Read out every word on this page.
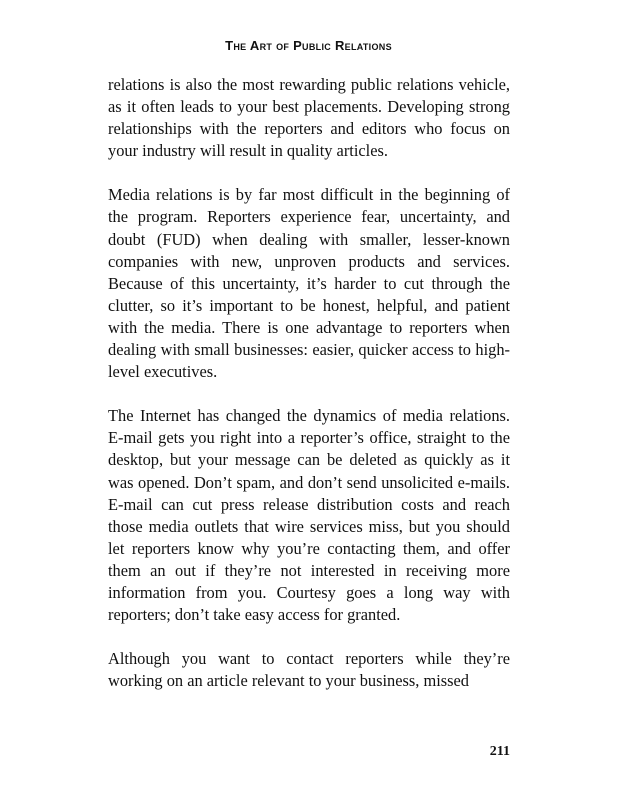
The Art of Public Relations

relations is also the most rewarding public relations vehicle, as it often leads to your best placements. Developing strong relationships with the reporters and editors who focus on your industry will result in quality articles.

Media relations is by far most difficult in the beginning of the program. Reporters experience fear, uncertainty, and doubt (FUD) when dealing with smaller, lesser-known companies with new, unproven products and services. Because of this uncertainty, it’s harder to cut through the clutter, so it’s important to be honest, helpful, and patient with the media. There is one advantage to reporters when dealing with small businesses: easier, quicker access to high-level executives.

The Internet has changed the dynamics of media relations. E-mail gets you right into a reporter’s office, straight to the desktop, but your message can be deleted as quickly as it was opened. Don’t spam, and don’t send unsolicited e-mails. E-mail can cut press release distribution costs and reach those media outlets that wire services miss, but you should let reporters know why you’re contacting them, and offer them an out if they’re not interested in receiving more information from you. Courtesy goes a long way with reporters; don’t take easy access for granted.

Although you want to contact reporters while they’re working on an article relevant to your business, missed

211
